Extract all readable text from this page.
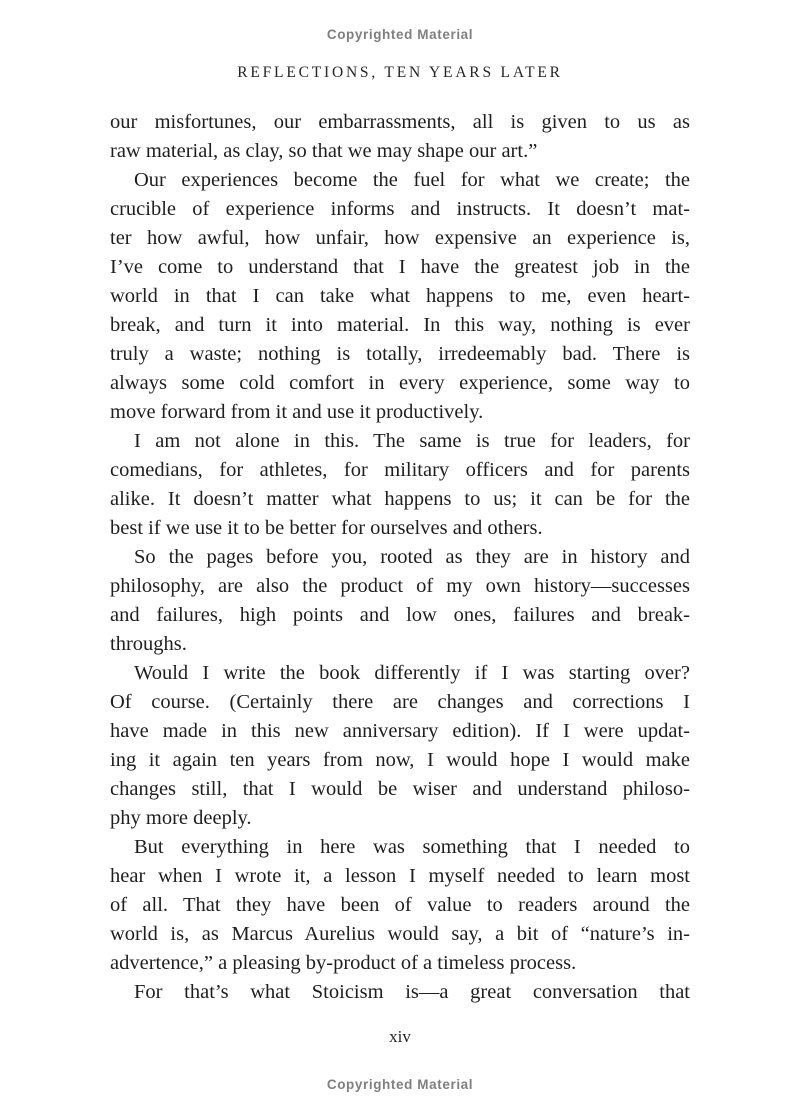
Copyrighted Material
REFLECTIONS, TEN YEARS LATER
our misfortunes, our embarrassments, all is given to us as
raw material, as clay, so that we may shape our art.”
Our experiences become the fuel for what we create; the
crucible of experience informs and instructs. It doesn’t mat-
ter how awful, how unfair, how expensive an experience is,
I’ve come to understand that I have the greatest job in the
world in that I can take what happens to me, even heart-
break, and turn it into material. In this way, nothing is ever
truly a waste; nothing is totally, irredeemably bad. There is
always some cold comfort in every experience, some way to
move forward from it and use it productively.
I am not alone in this. The same is true for leaders, for
comedians, for athletes, for military officers and for parents
alike. It doesn’t matter what happens to us; it can be for the
best if we use it to be better for ourselves and others.
So the pages before you, rooted as they are in history and
philosophy, are also the product of my own history—successes
and failures, high points and low ones, failures and break-
throughs.
Would I write the book differently if I was starting over?
Of course. (Certainly there are changes and corrections I
have made in this new anniversary edition). If I were updat-
ing it again ten years from now, I would hope I would make
changes still, that I would be wiser and understand philoso-
phy more deeply.
But everything in here was something that I needed to
hear when I wrote it, a lesson I myself needed to learn most
of all. That they have been of value to readers around the
world is, as Marcus Aurelius would say, a bit of “nature’s in-
advertence,” a pleasing by-product of a timeless process.
For that’s what Stoicism is—a great conversation that
xiv
Copyrighted Material
